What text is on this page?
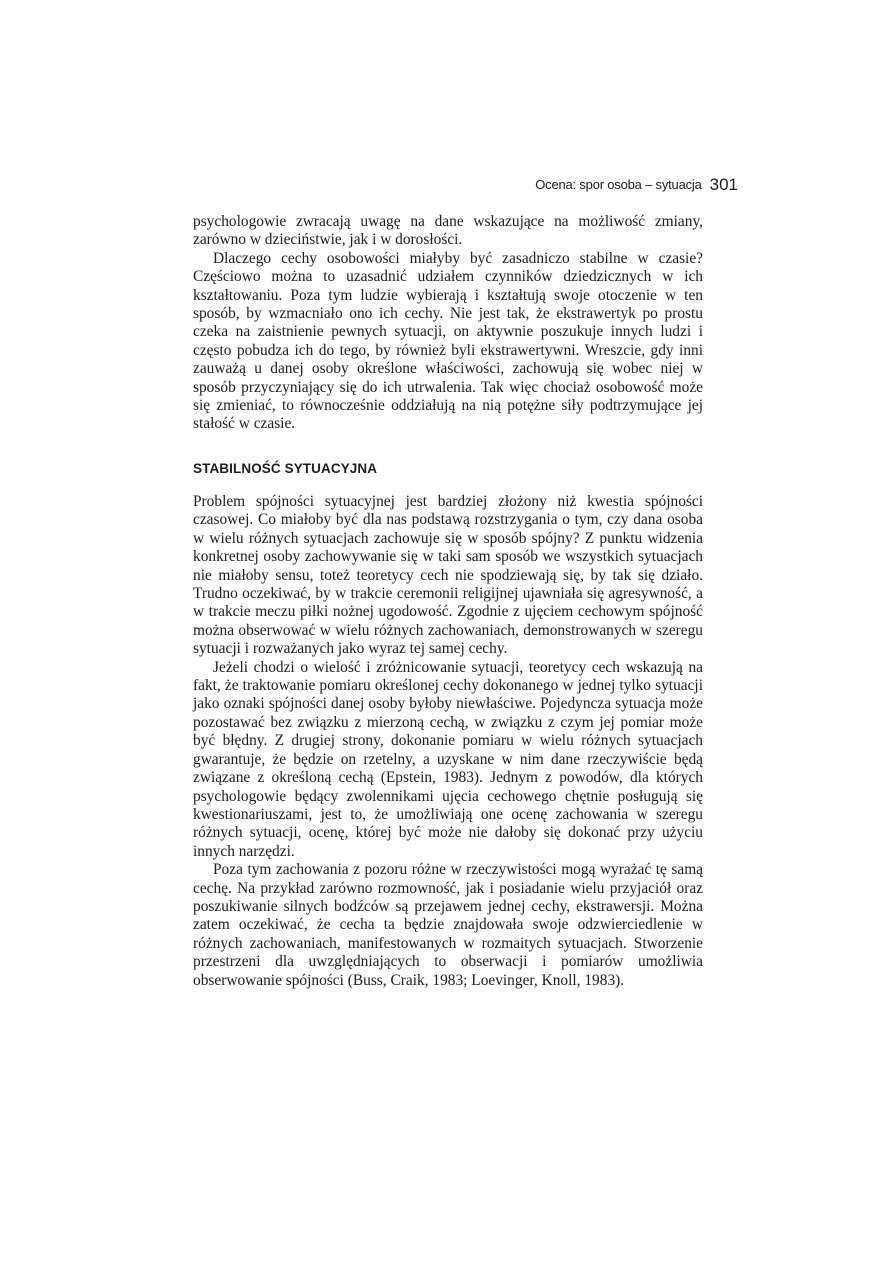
Ocena: spor osoba – sytuacja 301

psychologowie zwracają uwagę na dane wskazujące na możliwość zmiany, zarówno w dzieciństwie, jak i w dorosłości.

Dlaczego cechy osobowości miałyby być zasadniczo stabilne w czasie? Częściowo można to uzasadnić udziałem czynników dziedzicznych w ich kształtowaniu. Poza tym ludzie wybierają i kształtują swoje otoczenie w ten sposób, by wzmacniało ono ich cechy. Nie jest tak, że ekstrawertyk po prostu czeka na zaistnienie pewnych sytuacji, on aktywnie poszukuje innych ludzi i często pobudza ich do tego, by również byli ekstrawertywni. Wreszcie, gdy inni zauważą u danej osoby określone właściwości, zachowują się wobec niej w sposób przyczyniający się do ich utrwalenia. Tak więc chociaż osobowość może się zmieniać, to równocześnie oddziałują na nią potężne siły podtrzymujące jej stałość w czasie.

STABILNOŚĆ SYTUACYJNA

Problem spójności sytuacyjnej jest bardziej złożony niż kwestia spójności czasowej. Co miałoby być dla nas podstawą rozstrzygania o tym, czy dana osoba w wielu różnych sytuacjach zachowuje się w sposób spójny? Z punktu widzenia konkretnej osoby zachowywanie się w taki sam sposób we wszystkich sytuacjach nie miałoby sensu, toteż teoretycy cech nie spodziewają się, by tak się działo. Trudno oczekiwać, by w trakcie ceremonii religijnej ujawniała się agresywność, a w trakcie meczu piłki nożnej ugodowość. Zgodnie z ujęciem cechowym spójność można obserwować w wielu różnych zachowaniach, demonstrowanych w szeregu sytuacji i rozważanych jako wyraz tej samej cechy.

Jeżeli chodzi o wielość i zróżnicowanie sytuacji, teoretycy cech wskazują na fakt, że traktowanie pomiaru określonej cechy dokonanego w jednej tylko sytuacji jako oznaki spójności danej osoby byłoby niewłaściwe. Pojedyncza sytuacja może pozostawać bez związku z mierzoną cechą, w związku z czym jej pomiar może być błędny. Z drugiej strony, dokonanie pomiaru w wielu różnych sytuacjach gwarantuje, że będzie on rzetelny, a uzyskane w nim dane rzeczywiście będą związane z określoną cechą (Epstein, 1983). Jednym z powodów, dla których psychologowie będący zwolennikami ujęcia cechowego chętnie posługują się kwestionariuszami, jest to, że umożliwiają one ocenę zachowania w szeregu różnych sytuacji, ocenę, której być może nie dałoby się dokonać przy użyciu innych narzędzi.

Poza tym zachowania z pozoru różne w rzeczywistości mogą wyrażać tę samą cechę. Na przykład zarówno rozmowność, jak i posiadanie wielu przyjaciół oraz poszukiwanie silnych bodźców są przejawem jednej cechy, ekstrawersji. Można zatem oczekiwać, że cecha ta będzie znajdowała swoje odzwierciedlenie w różnych zachowaniach, manifestowanych w rozmaitych sytuacjach. Stworzenie przestrzeni dla uwzględniających to obserwacji i pomiarów umożliwia obserwowanie spójności (Buss, Craik, 1983; Loevinger, Knoll, 1983).
